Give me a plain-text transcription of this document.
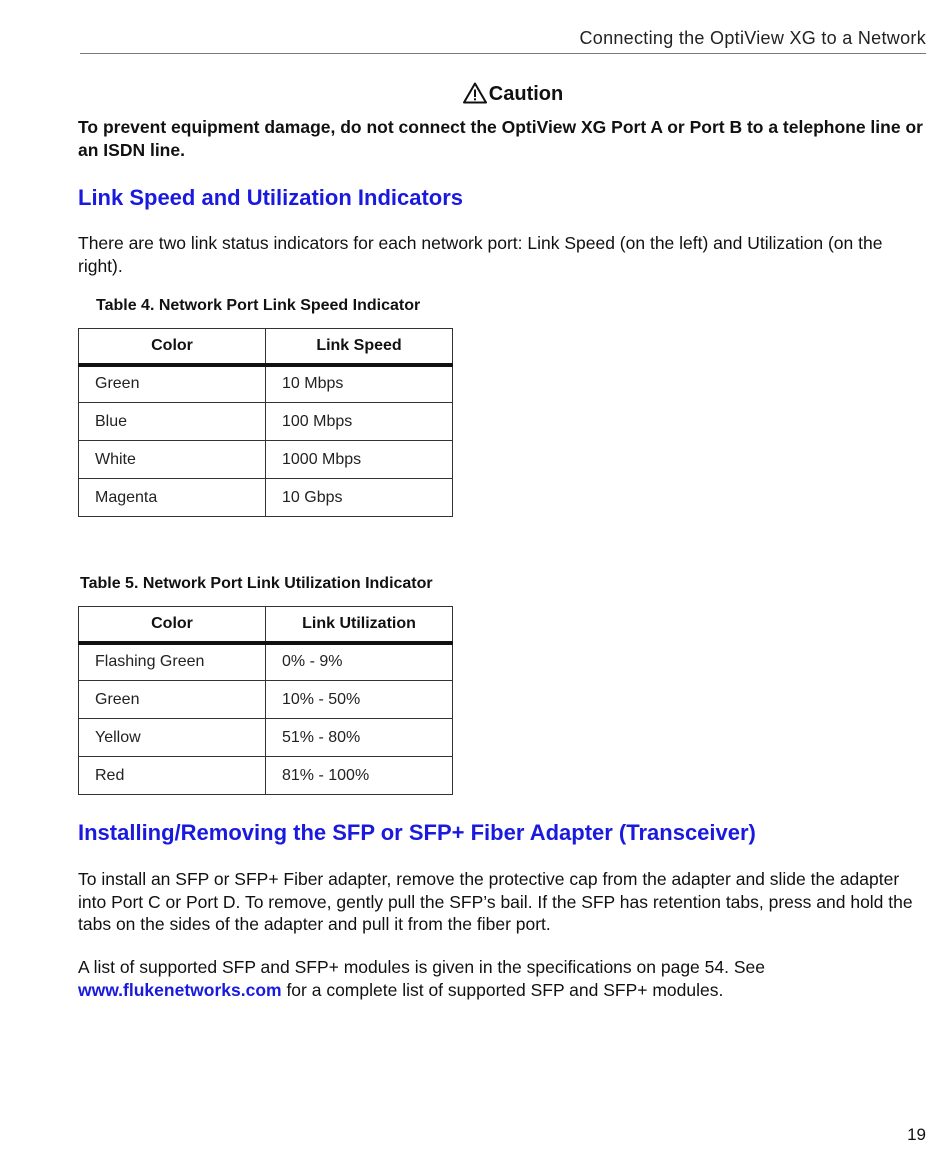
Connecting the OptiView XG to a Network
Caution
To prevent equipment damage, do not connect the OptiView XG Port A or Port B to a telephone line or an ISDN line.
Link Speed and Utilization Indicators

There are two link status indicators for each network port: Link Speed (on the left) and Utilization (on the right).

Table 4. Network Port Link Speed Indicator
Color	Link Speed
Green	10 Mbps
Blue	100 Mbps
White	1000 Mbps
Magenta	10 Gbps
Table 5. Network Port Link Utilization Indicator
Color	Link Utilization
Flashing Green	0% - 9%
Green	10% - 50%
Yellow	51% - 80%
Red	81% - 100%
Installing/Removing the SFP or SFP+ Fiber Adapter (Transceiver)

To install an SFP or SFP+ Fiber adapter, remove the protective cap from the adapter and slide the adapter into Port C or Port D. To remove, gently pull the SFP’s bail. If the SFP has retention tabs, press and hold the tabs on the sides of the adapter and pull it from the fiber port.

A list of supported SFP and SFP+ modules is given in the specifications on page 54. See www.flukenetworks.com for a complete list of supported SFP and SFP+ modules.

19
